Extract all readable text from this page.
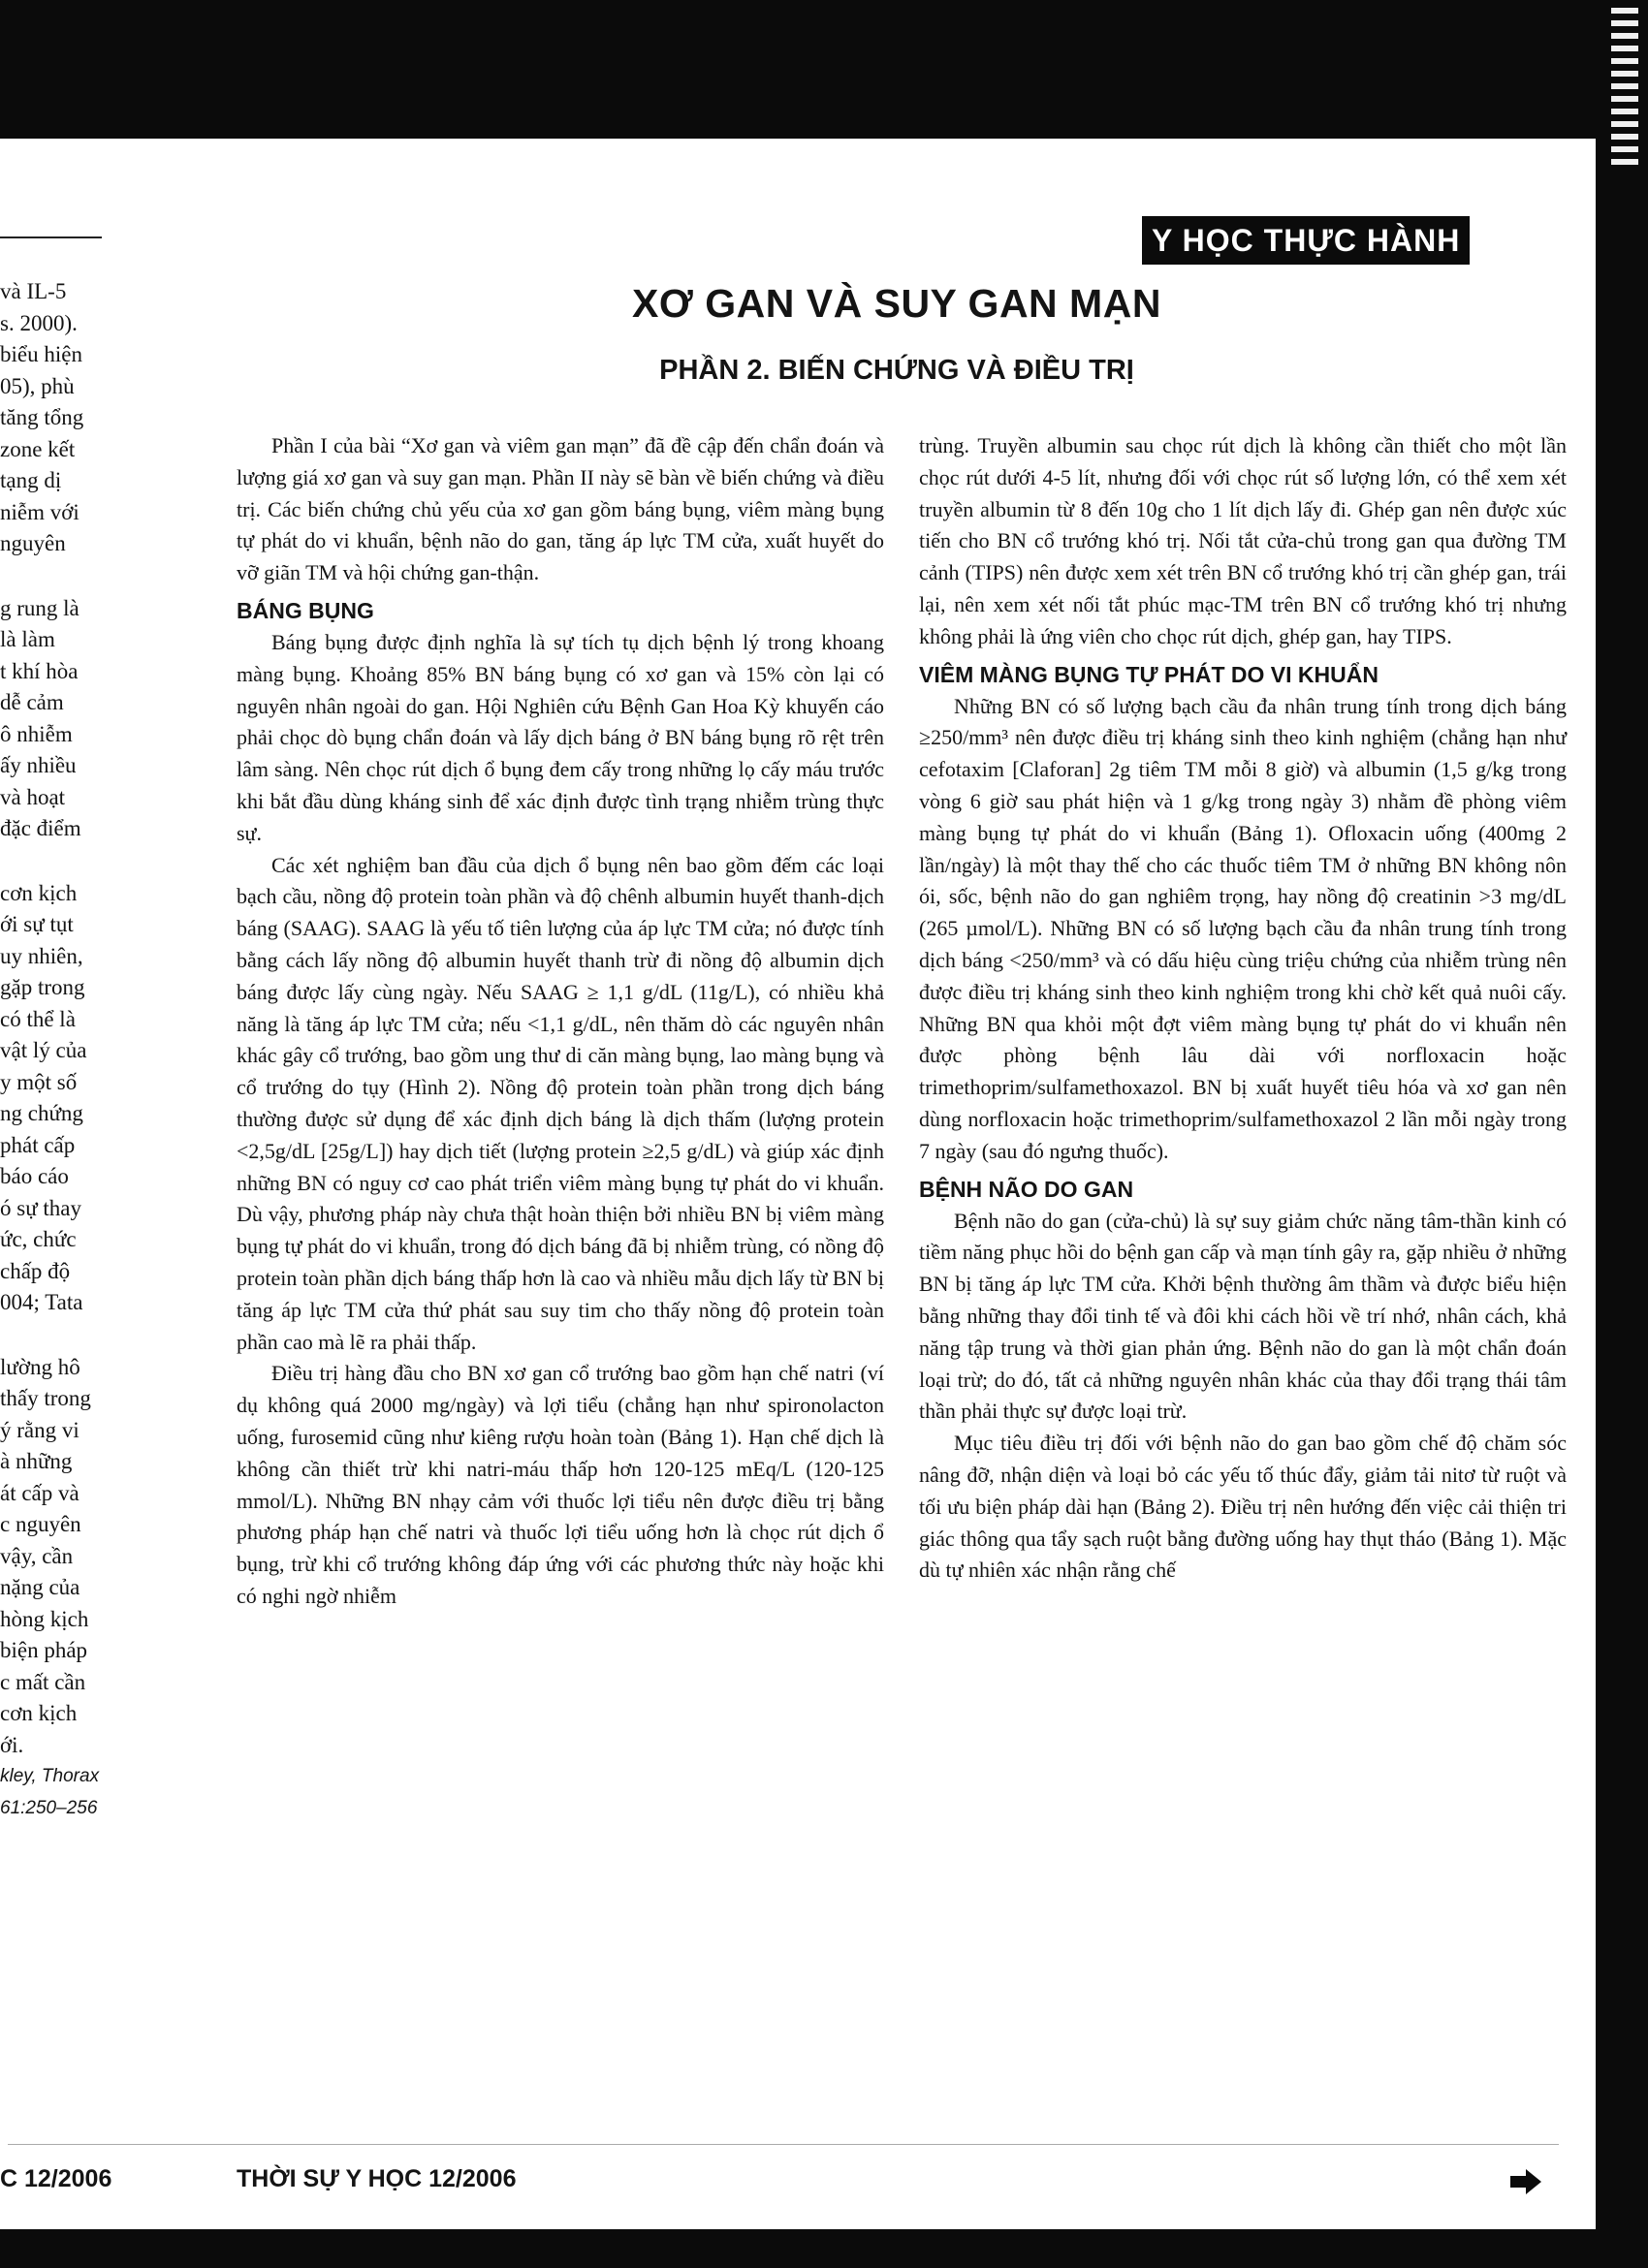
và IL-5
s. 2000).
biểu hiện
05), phù
tăng tổng
zone kết
tạng dị
niễm với
nguyên
g rung là
là làm
t khí hòa
dễ cảm
ô nhiễm
ấy nhiều
và hoạt
đặc điểm
cơn kịch
ới sự tụt
uy nhiên,
gặp trong
có thể là
vật lý của
y một số
ng chứng
phát cấp
báo cáo
ó sự thay
ức, chức
chấp độ
004; Tata
lường hô
thấy trong
ý rằng vi
à những
át cấp và
c nguyên
vậy, cần
nặng của
hòng kịch
biện pháp
c mất cần
cơn kịch
ới.
kley, Thorax
61:250–256
Y HỌC THỰC HÀNH
XƠ GAN VÀ SUY GAN MẠN
PHẦN 2. BIẾN CHỨNG VÀ ĐIỀU TRỊ

Phần I của bài “Xơ gan và viêm gan mạn” đã đề cập đến chẩn đoán và lượng giá xơ gan và suy gan mạn. Phần II này sẽ bàn về biến chứng và điều trị. Các biến chứng chủ yếu của xơ gan gồm báng bụng, viêm màng bụng tự phát do vi khuẩn, bệnh não do gan, tăng áp lực TM cửa, xuất huyết do vỡ giãn TM và hội chứng gan-thận.

BÁNG BỤNG

Báng bụng được định nghĩa là sự tích tụ dịch bệnh lý trong khoang màng bụng. Khoảng 85% BN báng bụng có xơ gan và 15% còn lại có nguyên nhân ngoài do gan. Hội Nghiên cứu Bệnh Gan Hoa Kỳ khuyến cáo phải chọc dò bụng chẩn đoán và lấy dịch báng ở BN báng bụng rõ rệt trên lâm sàng. Nên chọc rút dịch ổ bụng đem cấy trong những lọ cấy máu trước khi bắt đầu dùng kháng sinh để xác định được tình trạng nhiễm trùng thực sự.

Các xét nghiệm ban đầu của dịch ổ bụng nên bao gồm đếm các loại bạch cầu, nồng độ protein toàn phần và độ chênh albumin huyết thanh-dịch báng (SAAG). SAAG là yếu tố tiên lượng của áp lực TM cửa; nó được tính bằng cách lấy nồng độ albumin huyết thanh trừ đi nồng độ albumin dịch báng được lấy cùng ngày. Nếu SAAG ≥ 1,1 g/dL (11g/L), có nhiều khả năng là tăng áp lực TM cửa; nếu <1,1 g/dL, nên thăm dò các nguyên nhân khác gây cổ trướng, bao gồm ung thư di căn màng bụng, lao màng bụng và cổ trướng do tụy (Hình 2). Nồng độ protein toàn phần trong dịch báng thường được sử dụng để xác định dịch báng là dịch thấm (lượng protein <2,5g/dL [25g/L]) hay dịch tiết (lượng protein ≥2,5 g/dL) và giúp xác định những BN có nguy cơ cao phát triển viêm màng bụng tự phát do vi khuẩn. Dù vậy, phương pháp này chưa thật hoàn thiện bởi nhiều BN bị viêm màng bụng tự phát do vi khuẩn, trong đó dịch báng đã bị nhiễm trùng, có nồng độ protein toàn phần dịch báng thấp hơn là cao và nhiều mẫu dịch lấy từ BN bị tăng áp lực TM cửa thứ phát sau suy tim cho thấy nồng độ protein toàn phần cao mà lẽ ra phải thấp.

Điều trị hàng đầu cho BN xơ gan cổ trướng bao gồm hạn chế natri (ví dụ không quá 2000 mg/ngày) và lợi tiểu (chẳng hạn như spironolacton uống, furosemid cũng như kiêng rượu hoàn toàn (Bảng 1). Hạn chế dịch là không cần thiết trừ khi natri-máu thấp hơn 120-125 mEq/L (120-125 mmol/L). Những BN nhạy cảm với thuốc lợi tiểu nên được điều trị bằng phương pháp hạn chế natri và thuốc lợi tiểu uống hơn là chọc rút dịch ổ bụng, trừ khi cổ trướng không đáp ứng với các phương thức này hoặc khi có nghi ngờ nhiễm

trùng. Truyền albumin sau chọc rút dịch là không cần thiết cho một lần chọc rút dưới 4-5 lít, nhưng đối với chọc rút số lượng lớn, có thể xem xét truyền albumin từ 8 đến 10g cho 1 lít dịch lấy đi. Ghép gan nên được xúc tiến cho BN cổ trướng khó trị. Nối tắt cửa-chủ trong gan qua đường TM cảnh (TIPS) nên được xem xét trên BN cổ trướng khó trị cần ghép gan, trái lại, nên xem xét nối tắt phúc mạc-TM trên BN cổ trướng khó trị nhưng không phải là ứng viên cho chọc rút dịch, ghép gan, hay TIPS.

VIÊM MÀNG BỤNG TỰ PHÁT DO VI KHUẨN

Những BN có số lượng bạch cầu đa nhân trung tính trong dịch báng ≥250/mm³ nên được điều trị kháng sinh theo kinh nghiệm (chẳng hạn như cefotaxim [Claforan] 2g tiêm TM mỗi 8 giờ) và albumin (1,5 g/kg trong vòng 6 giờ sau phát hiện và 1 g/kg trong ngày 3) nhằm đề phòng viêm màng bụng tự phát do vi khuẩn (Bảng 1). Ofloxacin uống (400mg 2 lần/ngày) là một thay thế cho các thuốc tiêm TM ở những BN không nôn ói, sốc, bệnh não do gan nghiêm trọng, hay nồng độ creatinin >3 mg/dL (265 µmol/L). Những BN có số lượng bạch cầu đa nhân trung tính trong dịch báng <250/mm³ và có dấu hiệu cùng triệu chứng của nhiễm trùng nên được điều trị kháng sinh theo kinh nghiệm trong khi chờ kết quả nuôi cấy. Những BN qua khỏi một đợt viêm màng bụng tự phát do vi khuẩn nên được phòng bệnh lâu dài với norfloxacin hoặc trimethoprim/sulfamethoxazol. BN bị xuất huyết tiêu hóa và xơ gan nên dùng norfloxacin hoặc trimethoprim/sulfamethoxazol 2 lần mỗi ngày trong 7 ngày (sau đó ngưng thuốc).

BỆNH NÃO DO GAN

Bệnh não do gan (cửa-chủ) là sự suy giảm chức năng tâm-thần kinh có tiềm năng phục hồi do bệnh gan cấp và mạn tính gây ra, gặp nhiều ở những BN bị tăng áp lực TM cửa. Khởi bệnh thường âm thầm và được biểu hiện bằng những thay đổi tinh tế và đôi khi cách hồi về trí nhớ, nhân cách, khả năng tập trung và thời gian phản ứng. Bệnh não do gan là một chẩn đoán loại trừ; do đó, tất cả những nguyên nhân khác của thay đổi trạng thái tâm thần phải thực sự được loại trừ.

Mục tiêu điều trị đối với bệnh não do gan bao gồm chế độ chăm sóc nâng đỡ, nhận diện và loại bỏ các yếu tố thúc đẩy, giảm tải nitơ từ ruột và tối ưu biện pháp dài hạn (Bảng 2). Điều trị nên hướng đến việc cải thiện tri giác thông qua tẩy sạch ruột bằng đường uống hay thụt tháo (Bảng 1). Mặc dù tự nhiên xác nhận rằng chế

C 12/2006	THỜI SỰ Y HỌC 12/2006
